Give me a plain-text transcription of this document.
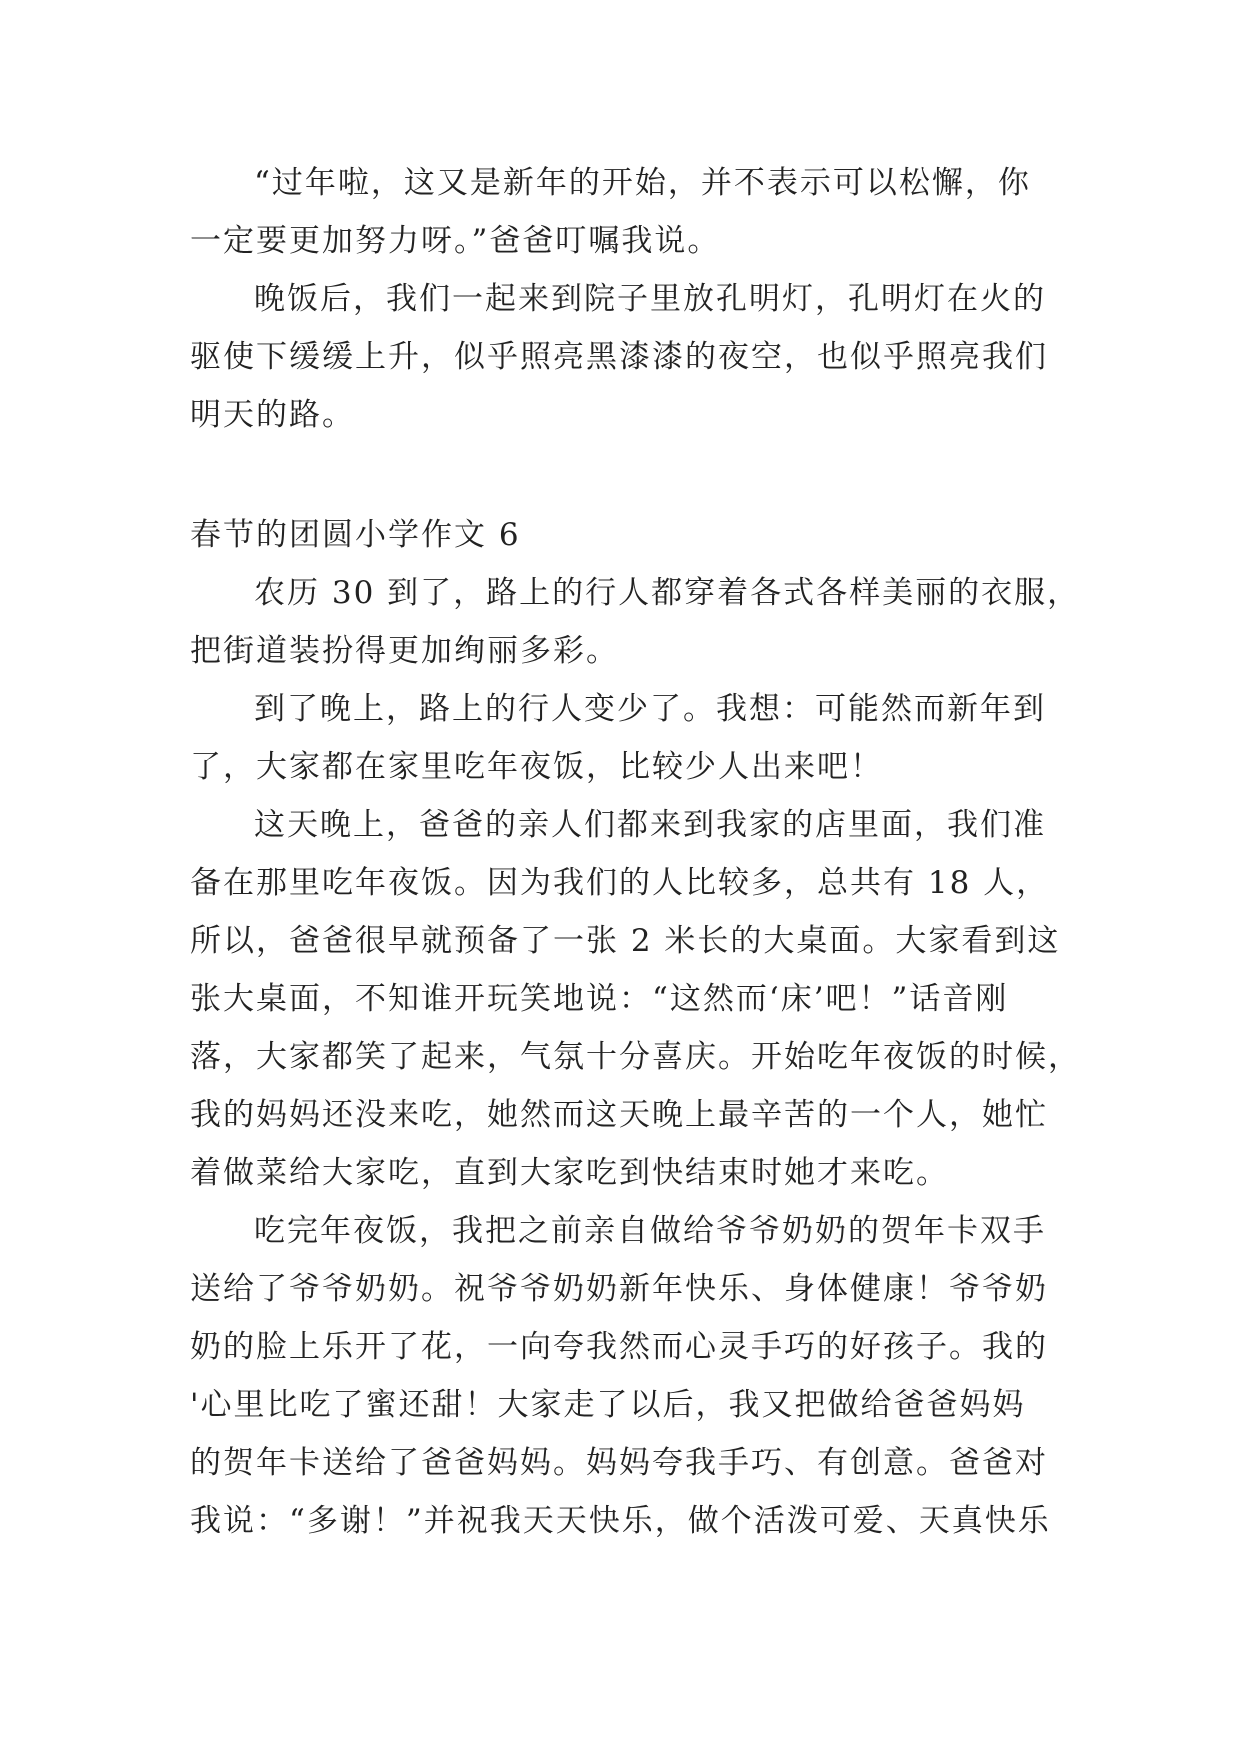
“过年啦，这又是新年的开始，并不表示可以松懈，你
一定要更加努力呀。”爸爸叮嘱我说。
晚饭后，我们一起来到院子里放孔明灯，孔明灯在火的
驱使下缓缓上升，似乎照亮黑漆漆的夜空，也似乎照亮我们
明天的路。
春节的团圆小学作文 6
农历 30 到了，路上的行人都穿着各式各样美丽的衣服，
把街道装扮得更加绚丽多彩。
到了晚上，路上的行人变少了。我想：可能然而新年到
了，大家都在家里吃年夜饭，比较少人出来吧！
这天晚上，爸爸的亲人们都来到我家的店里面，我们准
备在那里吃年夜饭。因为我们的人比较多，总共有 18 人，
所以，爸爸很早就预备了一张 2 米长的大桌面。大家看到这
张大桌面，不知谁开玩笑地说：“这然而‘床’吧！”话音刚
落，大家都笑了起来，气氛十分喜庆。开始吃年夜饭的时候，
我的妈妈还没来吃，她然而这天晚上最辛苦的一个人，她忙
着做菜给大家吃，直到大家吃到快结束时她才来吃。
吃完年夜饭，我把之前亲自做给爷爷奶奶的贺年卡双手
送给了爷爷奶奶。祝爷爷奶奶新年快乐、身体健康！爷爷奶
奶的脸上乐开了花，一向夸我然而心灵手巧的好孩子。我的
'心里比吃了蜜还甜！大家走了以后，我又把做给爸爸妈妈
的贺年卡送给了爸爸妈妈。妈妈夸我手巧、有创意。爸爸对
我说：“多谢！”并祝我天天快乐，做个活泼可爱、天真快乐
